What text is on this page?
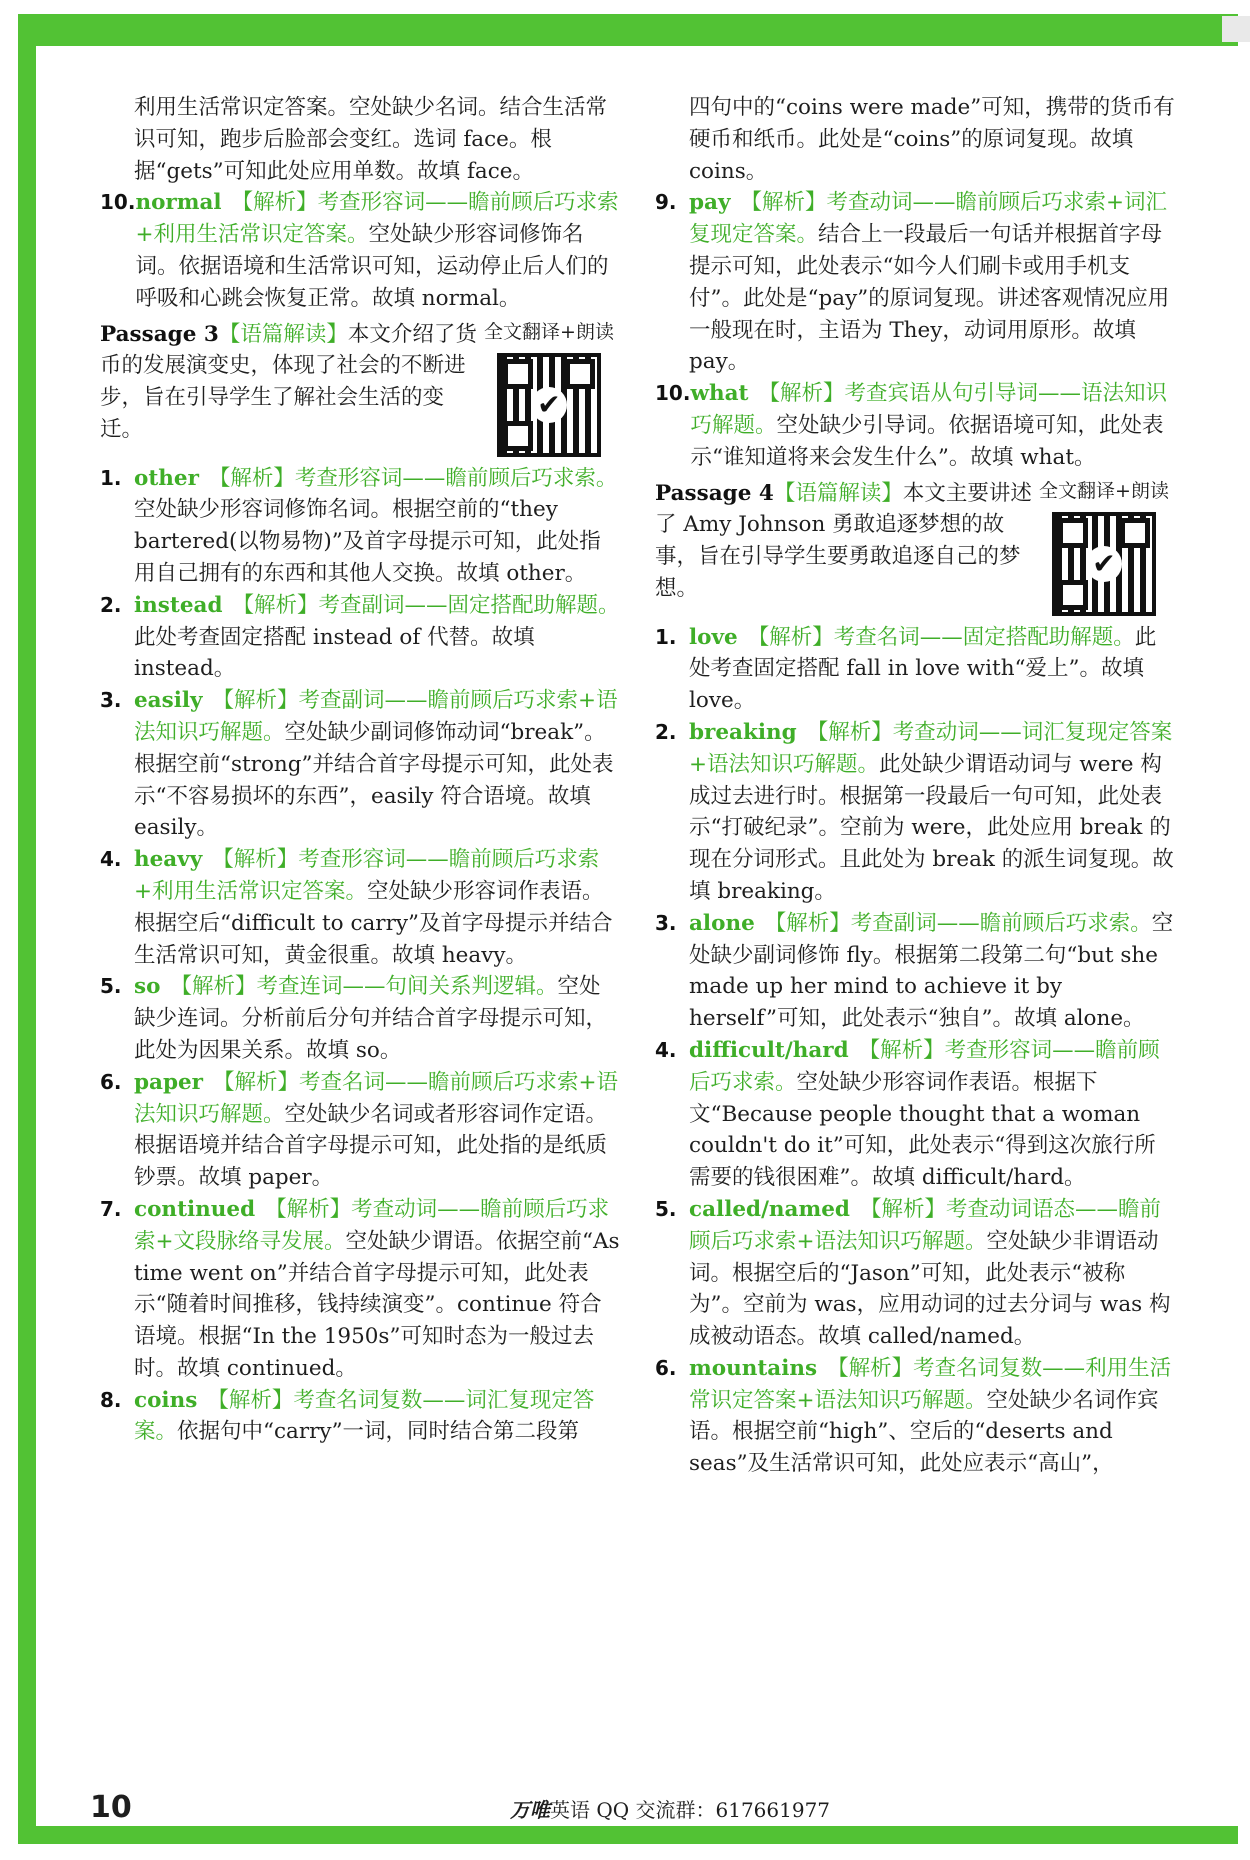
利用生活常识定答案。空处缺少名词。结合生活常识可知，跑步后脸部会变红。选词 face。根据“gets”可知此处应用单数。故填 face。
10. normal 【解析】考查形容词——瞻前顾后巧求索+利用生活常识定答案。空处缺少形容词修饰名词。依据语境和生活常识可知，运动停止后人们的呼吸和心跳会恢复正常。故填 normal。
Passage 3【语篇解读】本文介绍了货币的发展演变史，体现了社会的不断进步，旨在引导学生了解社会生活的变迁。
全文翻译+朗读
✔
1. other 【解析】考查形容词——瞻前顾后巧求索。空处缺少形容词修饰名词。根据空前的“they bartered(以物易物)”及首字母提示可知，此处指用自己拥有的东西和其他人交换。故填 other。
2. instead 【解析】考查副词——固定搭配助解题。此处考查固定搭配 instead of 代替。故填 instead。
3. easily 【解析】考查副词——瞻前顾后巧求索+语法知识巧解题。空处缺少副词修饰动词“break”。根据空前“strong”并结合首字母提示可知，此处表示“不容易损坏的东西”，easily 符合语境。故填 easily。
4. heavy 【解析】考查形容词——瞻前顾后巧求索+利用生活常识定答案。空处缺少形容词作表语。根据空后“difficult to carry”及首字母提示并结合生活常识可知，黄金很重。故填 heavy。
5. so 【解析】考查连词——句间关系判逻辑。空处缺少连词。分析前后分句并结合首字母提示可知，此处为因果关系。故填 so。
6. paper 【解析】考查名词——瞻前顾后巧求索+语法知识巧解题。空处缺少名词或者形容词作定语。根据语境并结合首字母提示可知，此处指的是纸质钞票。故填 paper。
7. continued 【解析】考查动词——瞻前顾后巧求索+文段脉络寻发展。空处缺少谓语。依据空前“As time went on”并结合首字母提示可知，此处表示“随着时间推移，钱持续演变”。continue 符合语境。根据“In the 1950s”可知时态为一般过去时。故填 continued。
8. coins 【解析】考查名词复数——词汇复现定答案。依据句中“carry”一词，同时结合第二段第
四句中的“coins were made”可知，携带的货币有硬币和纸币。此处是“coins”的原词复现。故填 coins。
9. pay 【解析】考查动词——瞻前顾后巧求索+词汇复现定答案。结合上一段最后一句话并根据首字母提示可知，此处表示“如今人们刷卡或用手机支付”。此处是“pay”的原词复现。讲述客观情况应用一般现在时，主语为 They，动词用原形。故填 pay。
10. what 【解析】考查宾语从句引导词——语法知识巧解题。空处缺少引导词。依据语境可知，此处表示“谁知道将来会发生什么”。故填 what。
Passage 4【语篇解读】本文主要讲述了 Amy Johnson 勇敢追逐梦想的故事，旨在引导学生要勇敢追逐自己的梦想。
全文翻译+朗读
✔
1. love 【解析】考查名词——固定搭配助解题。此处考查固定搭配 fall in love with“爱上”。故填 love。
2. breaking 【解析】考查动词——词汇复现定答案+语法知识巧解题。此处缺少谓语动词与 were 构成过去进行时。根据第一段最后一句可知，此处表示“打破纪录”。空前为 were，此处应用 break 的现在分词形式。且此处为 break 的派生词复现。故填 breaking。
3. alone 【解析】考查副词——瞻前顾后巧求索。空处缺少副词修饰 fly。根据第二段第二句“but she made up her mind to achieve it by herself”可知，此处表示“独自”。故填 alone。
4. difficult/hard 【解析】考查形容词——瞻前顾后巧求索。空处缺少形容词作表语。根据下文“Because people thought that a woman couldn't do it”可知，此处表示“得到这次旅行所需要的钱很困难”。故填 difficult/hard。
5. called/named 【解析】考查动词语态——瞻前顾后巧求索+语法知识巧解题。空处缺少非谓语动词。根据空后的“Jason”可知，此处表示“被称为”。空前为 was，应用动词的过去分词与 was 构成被动语态。故填 called/named。
6. mountains 【解析】考查名词复数——利用生活常识定答案+语法知识巧解题。空处缺少名词作宾语。根据空前“high”、空后的“deserts and seas”及生活常识可知，此处应表示“高山”，
10	万唯英语 QQ 交流群：617661977
